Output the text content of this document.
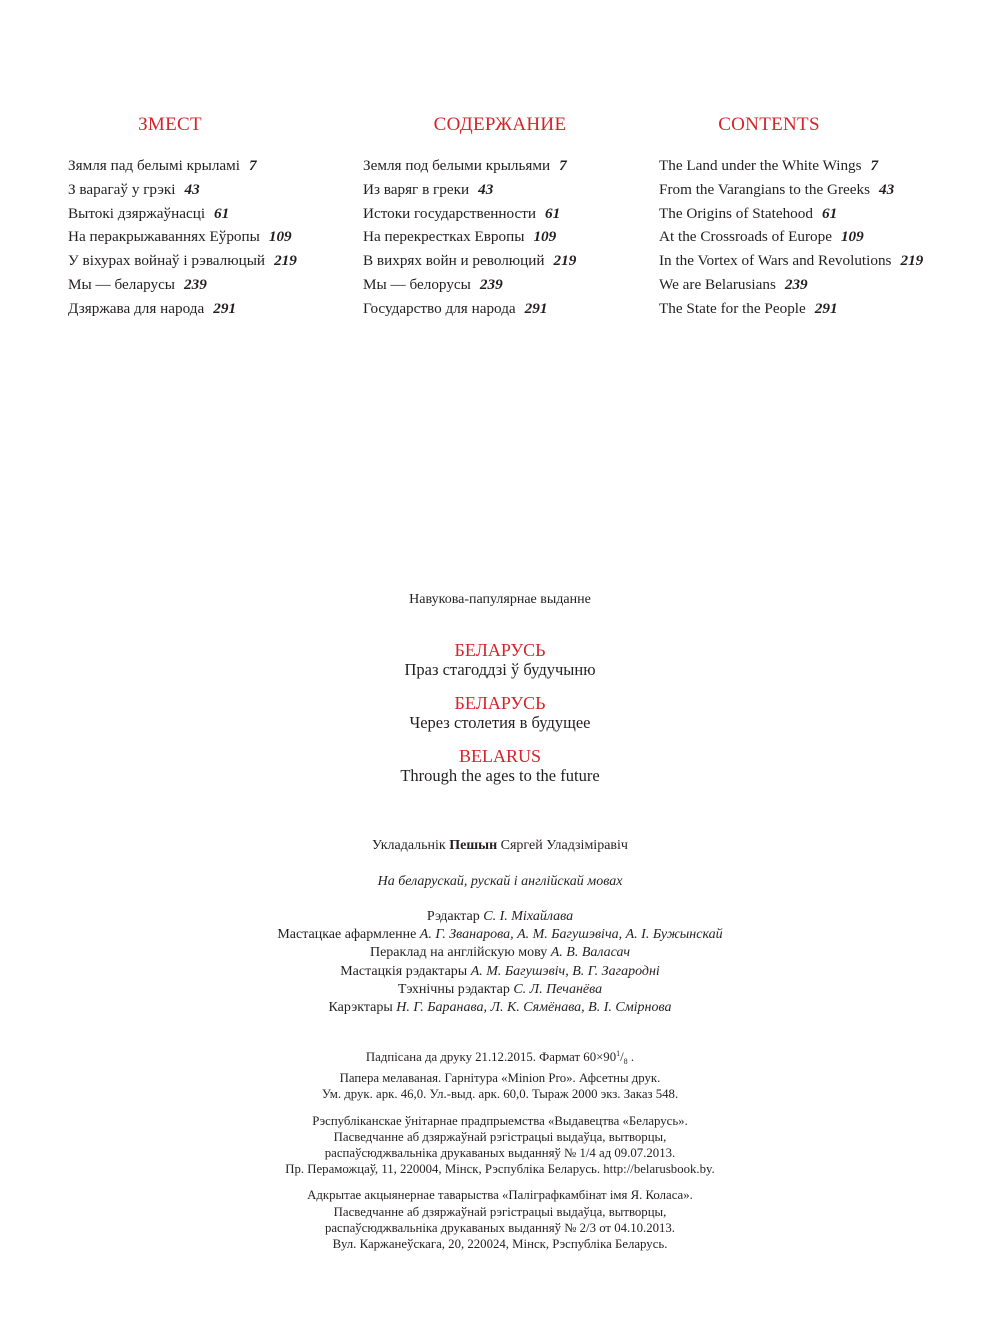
ЗМЕСТ
Зямля пад белымі крыламі 7
З варагаў у грэкі 43
Вытокі дзяржаўнасці 61
На перакрыжаваннях Еўропы 109
У віхурах войнаў і рэвалюцый 219
Мы — беларусы 239
Дзяржава для народа 291
СОДЕРЖАНИЕ
Земля под белыми крыльями 7
Из варяг в греки 43
Истоки государственности 61
На перекрестках Европы 109
В вихрях войн и революций 219
Мы — белорусы 239
Государство для народа 291
CONTENTS
The Land under the White Wings 7
From the Varangians to the Greeks 43
The Origins of Statehood 61
At the Crossroads of Europe 109
In the Vortex of Wars and Revolutions 219
We are Belarusians 239
The State for the People 291
Навукова-папулярнае выданне
БЕЛАРУСЬ
Праз стагоддзі ў будучыню
БЕЛАРУСЬ
Через столетия в будущее
BELARUS
Through the ages to the future
Укладальнік Пешын Сяргей Уладзіміравіч
На беларускай, рускай і англійскай мовах
Рэдактар С. І. Міхайлава
Мастацкае афармленне А. Г. Званарова, А. М. Багушэвіча, А. І. Бужынскай
Пераклад на англійскую мову А. В. Валасач
Мастацкія рэдактары А. М. Багушэвіч, В. Г. Загародні
Тэхнічны рэдактар С. Л. Печанёва
Карэктары Н. Г. Баранава, Л. К. Сямёнава, В. І. Смірнова

Падпісана да друку 21.12.2015. Фармат $60\times 90^1/_8$ .
Папера мелаваная. Гарнітура «Minion Pro». Афсетны друк.
Ум. друк. арк. 46,0. Ул.-выд. арк. 60,0. Тыраж 2000 экз. Заказ 548.

Рэспубліканскае ўнітарнае прадпрыемства «Выдавецтва «Беларусь».
Пасведчанне аб дзяржаўнай рэгістрацыі выдаўца, вытворцы,
распаўсюджвальніка друкаваных выданняў № 1/4 ад 09.07.2013.
Пр. Пераможцаў, 11, 220004, Мінск, Рэспубліка Беларусь. http://belarusbook.by.

Адкрытае акцыянернае таварыства «Паліграфкамбінат імя Я. Коласа».
Пасведчанне аб дзяржаўнай рэгістрацыі выдаўца, вытворцы,
распаўсюджвальніка друкаваных выданняў № 2/3 от 04.10.2013.
Вул. Каржанеўскага, 20, 220024, Мінск, Рэспубліка Беларусь.
